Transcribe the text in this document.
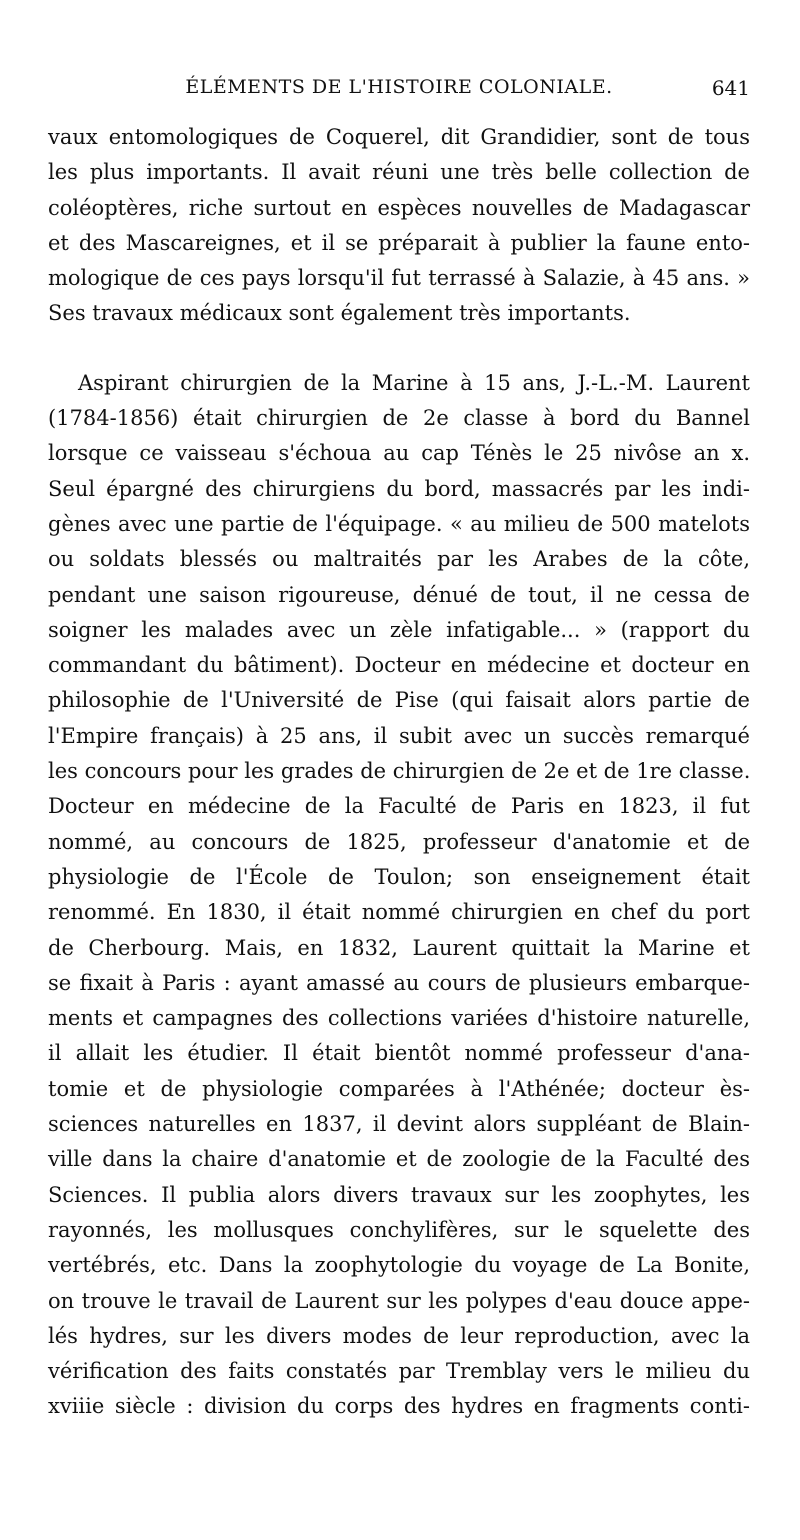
ÉLÉMENTS DE L'HISTOIRE COLONIALE.	641
vaux entomologiques de Coquerel, dit Grandidier, sont de tous
les plus importants. Il avait réuni une très belle collection de
coléoptères, riche surtout en espèces nouvelles de Madagascar
et des Mascareignes, et il se préparait à publier la faune ento-
mologique de ces pays lorsqu'il fut terrassé à Salazie, à 45 ans. »
Ses travaux médicaux sont également très importants.
Aspirant chirurgien de la Marine à 15 ans, J.-L.-M. Laurent
(1784-1856) était chirurgien de 2e classe à bord du Bannel
lorsque ce vaisseau s'échoua au cap Ténès le 25 nivôse an x.
Seul épargné des chirurgiens du bord, massacrés par les indi-
gènes avec une partie de l'équipage. « au milieu de 500 matelots
ou soldats blessés ou maltraités par les Arabes de la côte,
pendant une saison rigoureuse, dénué de tout, il ne cessa de
soigner les malades avec un zèle infatigable... » (rapport du
commandant du bâtiment). Docteur en médecine et docteur en
philosophie de l'Université de Pise (qui faisait alors partie de
l'Empire français) à 25 ans, il subit avec un succès remarqué
les concours pour les grades de chirurgien de 2e et de 1re classe.
Docteur en médecine de la Faculté de Paris en 1823, il fut
nommé, au concours de 1825, professeur d'anatomie et de
physiologie de l'École de Toulon; son enseignement était
renommé. En 1830, il était nommé chirurgien en chef du port
de Cherbourg. Mais, en 1832, Laurent quittait la Marine et
se fixait à Paris : ayant amassé au cours de plusieurs embarque-
ments et campagnes des collections variées d'histoire naturelle,
il allait les étudier. Il était bientôt nommé professeur d'ana-
tomie et de physiologie comparées à l'Athénée; docteur ès-
sciences naturelles en 1837, il devint alors suppléant de Blain-
ville dans la chaire d'anatomie et de zoologie de la Faculté des
Sciences. Il publia alors divers travaux sur les zoophytes, les
rayonnés, les mollusques conchylifères, sur le squelette des
vertébrés, etc. Dans la zoophytologie du voyage de La Bonite,
on trouve le travail de Laurent sur les polypes d'eau douce appe-
lés hydres, sur les divers modes de leur reproduction, avec la
vérification des faits constatés par Tremblay vers le milieu du
xviiie siècle : division du corps des hydres en fragments conti-
